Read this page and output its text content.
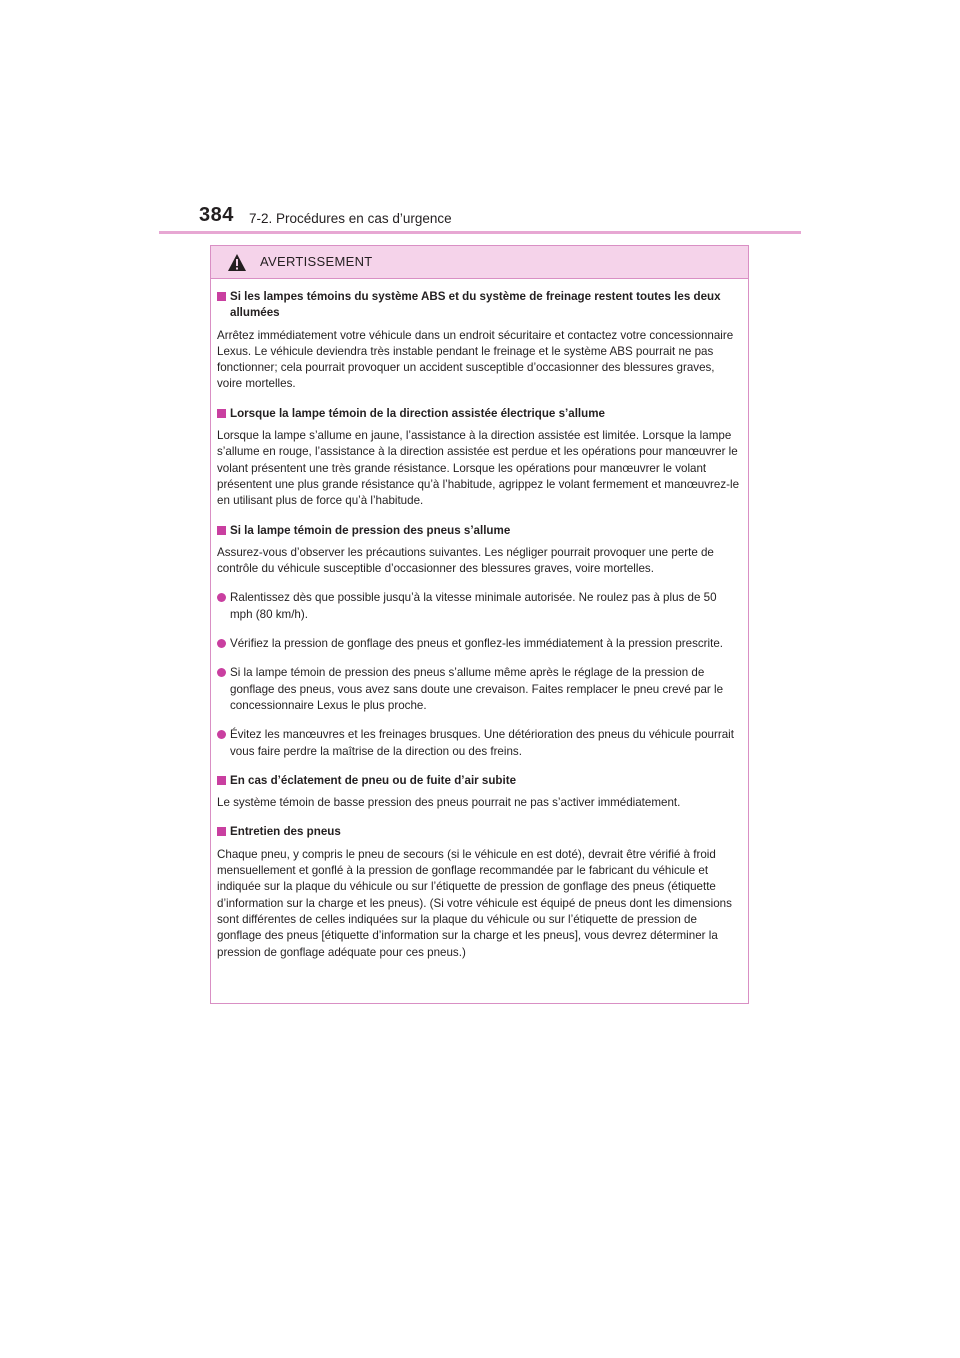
384 7-2. Procédures en cas d’urgence
AVERTISSEMENT
Si les lampes témoins du système ABS et du système de freinage restent toutes les deux allumées
Arrêtez immédiatement votre véhicule dans un endroit sécuritaire et contactez votre concessionnaire Lexus. Le véhicule deviendra très instable pendant le freinage et le système ABS pourrait ne pas fonctionner; cela pourrait provoquer un accident susceptible d’occasionner des blessures graves, voire mortelles.
Lorsque la lampe témoin de la direction assistée électrique s’allume
Lorsque la lampe s’allume en jaune, l’assistance à la direction assistée est limitée. Lorsque la lampe s’allume en rouge, l’assistance à la direction assistée est perdue et les opérations pour manœuvrer le volant présentent une très grande résistance. Lorsque les opérations pour manœuvrer le volant présentent une plus grande résistance qu’à l’habitude, agrippez le volant fermement et manœuvrez-le en utilisant plus de force qu’à l’habitude.
Si la lampe témoin de pression des pneus s’allume
Assurez-vous d’observer les précautions suivantes. Les négliger pourrait provoquer une perte de contrôle du véhicule susceptible d’occasionner des blessures graves, voire mortelles.
Ralentissez dès que possible jusqu’à la vitesse minimale autorisée. Ne roulez pas à plus de 50 mph (80 km/h).
Vérifiez la pression de gonflage des pneus et gonflez-les immédiatement à la pression prescrite.
Si la lampe témoin de pression des pneus s’allume même après le réglage de la pression de gonflage des pneus, vous avez sans doute une crevaison. Faites remplacer le pneu crevé par le concessionnaire Lexus le plus proche.
Évitez les manœuvres et les freinages brusques. Une détérioration des pneus du véhicule pourrait vous faire perdre la maîtrise de la direction ou des freins.
En cas d’éclatement de pneu ou de fuite d’air subite
Le système témoin de basse pression des pneus pourrait ne pas s’activer immédiatement.
Entretien des pneus
Chaque pneu, y compris le pneu de secours (si le véhicule en est doté), devrait être vérifié à froid mensuellement et gonflé à la pression de gonflage recommandée par le fabricant du véhicule et indiquée sur la plaque du véhicule ou sur l’étiquette de pression de gonflage des pneus (étiquette d’information sur la charge et les pneus). (Si votre véhicule est équipé de pneus dont les dimensions sont différentes de celles indiquées sur la plaque du véhicule ou sur l’étiquette de pression de gonflage des pneus [étiquette d’information sur la charge et les pneus], vous devrez déterminer la pression de gonflage adéquate pour ces pneus.)
